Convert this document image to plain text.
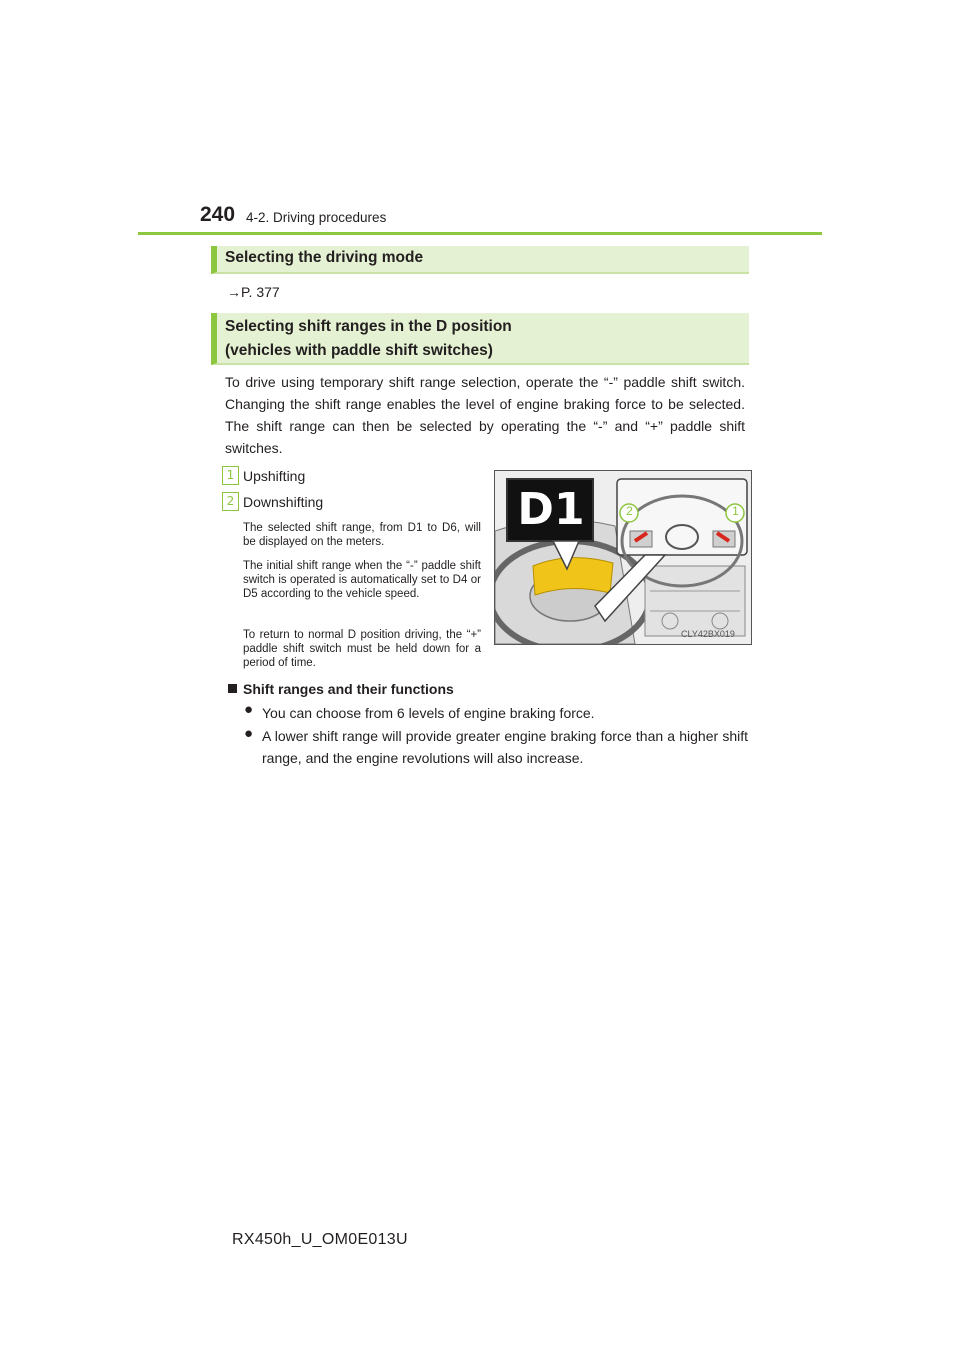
240 4-2. Driving procedures
Selecting the driving mode
→P. 377
Selecting shift ranges in the D position
(vehicles with paddle shift switches)
To drive using temporary shift range selection, operate the “-” paddle shift switch. Changing the shift range enables the level of engine braking force to be selected. The shift range can then be selected by operating the “-” and “+” paddle shift switches.
1 Upshifting
2 Downshifting
The selected shift range, from D1 to D6, will be displayed on the meters.
The initial shift range when the “-” paddle shift switch is operated is automatically set to D4 or D5 according to the vehicle speed.
To return to normal D position driving, the “+” paddle shift switch must be held down for a period of time.
D1	2	1
CLY42BX019
Shift ranges and their functions
● You can choose from 6 levels of engine braking force.
● A lower shift range will provide greater engine braking force than a higher shift range, and the engine revolutions will also increase.
RX450h_U_OM0E013U
